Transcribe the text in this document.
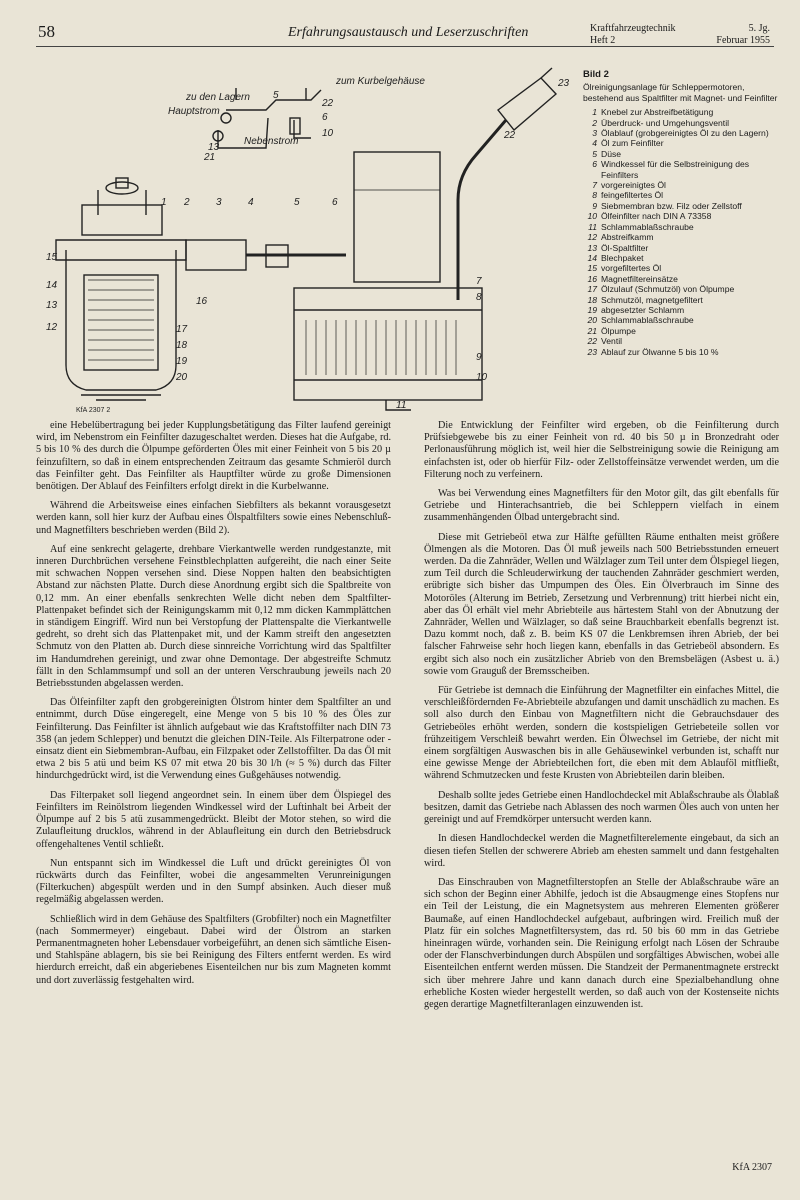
58	Erfahrungsaustausch und Leserzuschriften	Kraftfahrzeugtechnik	5. Jg.
Heft 2	Februar 1955
zum Kurbelgehäuse
zu den Lagern
Hauptstrom
Nebenstrom
KfA 2307 2
5
22
6
10
13
21
1 2	3	4	5	6
7
8
9
10
11
12
13
14
15
16
17
18
19
20
22
23
Bild 2
Ölreinigungsanlage für Schleppermotoren, bestehend aus Spaltfilter mit Magnet- und Feinfilter
1 Knebel zur Abstreifbetätigung
2 Überdruck- und Umgehungsventil
3 Ölablauf (grobgereinigtes Öl zu den Lagern)
4 Öl zum Feinfilter
5 Düse
6 Windkessel für die Selbstreinigung des Feinfilters
7 vorgereinigtes Öl
8 feingefiltertes Öl
9 Siebmembran bzw. Filz oder Zellstoff
10 Ölfeinfilter nach DIN A 73358
11 Schlammablaßschraube
12 Abstreifkamm
13 Öl-Spaltfilter
14 Blechpaket
15 vorgefiltertes Öl
16 Magnetfiltereinsätze
17 Ölzulauf (Schmutzöl) von Ölpumpe
18 Schmutzöl, magnetgefiltert
19 abgesetzter Schlamm
20 Schlammablaßschraube
21 Ölpumpe
22 Ventil
23 Ablauf zur Ölwanne 5 bis 10 %

eine Hebelübertragung bei jeder Kupplungsbetätigung das Filter laufend gereinigt wird, im Nebenstrom ein Feinfilter dazugeschaltet werden. Dieses hat die Aufgabe, rd. 5 bis 10 % des durch die Ölpumpe geförderten Öles mit einer Feinheit von 5 bis 20 µ feinzufiltern, so daß in einem entsprechenden Zeitraum das gesamte Schmieröl durch das Feinfilter geht. Das Feinfilter als Hauptfilter würde zu große Dimensionen benötigen. Der Ablauf des Feinfilters erfolgt direkt in die Kurbelwanne.

Während die Arbeitsweise eines einfachen Siebfilters als bekannt vorausgesetzt werden kann, soll hier kurz der Aufbau eines Ölspaltfilters sowie eines Nebenschluß- und Magnetfilters beschrieben werden (Bild 2).

Auf eine senkrecht gelagerte, drehbare Vierkantwelle werden rundgestanzte, mit inneren Durchbrüchen versehene Feinstblechplatten aufgereiht, die nach einer Seite mit schwachen Noppen versehen sind. Diese Noppen halten den beabsichtigten Abstand zur nächsten Platte. Durch diese Anordnung ergibt sich die Spaltbreite von 0,12 mm. An einer ebenfalls senkrechten Welle dicht neben dem Spaltfilter-Plattenpaket befindet sich der Reinigungskamm mit 0,12 mm dicken Kammplättchen in ständigem Eingriff. Wird nun bei Verstopfung der Plattenspalte die Vierkantwelle gedreht, so dreht sich das Plattenpaket mit, und der Kamm streift den angesetzten Schmutz von den Platten ab. Durch diese sinnreiche Vorrichtung wird das Spaltfilter im Handumdrehen gereinigt, und zwar ohne Demontage. Der abgestreifte Schmutz fällt in den Schlammsumpf und soll an der unteren Verschraubung jeweils nach 20 Betriebsstunden abgelassen werden.

Das Ölfeinfilter zapft den grobgereinigten Ölstrom hinter dem Spaltfilter an und entnimmt, durch Düse eingeregelt, eine Menge von 5 bis 10 % des Öles zur Feinfilterung. Das Feinfilter ist ähnlich aufgebaut wie das Kraftstoffilter nach DIN 73 358 (an jedem Schlepper) und benutzt die gleichen DIN-Teile. Als Filterpatrone oder -einsatz dient ein Siebmembran-Aufbau, ein Filzpaket oder Zellstoffilter. Da das Öl mit etwa 2 bis 5 atü und beim KS 07 mit etwa 20 bis 30 l/h (≈ 5 %) durch das Filter hindurchgedrückt wird, ist die Verwendung eines Gußgehäuses notwendig.

Das Filterpaket soll liegend angeordnet sein. In einem über dem Ölspiegel des Feinfilters im Reinölstrom liegenden Windkessel wird der Luftinhalt bei Arbeit der Ölpumpe auf 2 bis 5 atü zusammengedrückt. Bleibt der Motor stehen, so wird die Zulaufleitung drucklos, während in der Ablaufleitung ein durch den Betriebsdruck offengehaltenes Ventil schließt.

Nun entspannt sich im Windkessel die Luft und drückt gereinigtes Öl von rückwärts durch das Feinfilter, wobei die angesammelten Verunreinigungen (Filterkuchen) abgespült werden und in den Sumpf absinken. Auch dieser muß regelmäßig abgelassen werden.

Schließlich wird in dem Gehäuse des Spaltfilters (Grobfilter) noch ein Magnetfilter (nach Sommermeyer) eingebaut. Dabei wird der Ölstrom an starken Permanentmagneten hoher Lebensdauer vorbeigeführt, an denen sich sämtliche Eisen- und Stahlspäne ablagern, bis sie bei Reinigung des Filters entfernt werden. Es wird hierdurch erreicht, daß ein abgeriebenes Eisenteilchen nur bis zum Magneten kommt und dort zuverlässig festgehalten wird.

Die Entwicklung der Feinfilter wird ergeben, ob die Feinfilterung durch Prüfsiebgewebe bis zu einer Feinheit von rd. 40 bis 50 µ in Bronzedraht oder Perlonausführung möglich ist, weil hier die Selbstreinigung sowie die Reinigung am einfachsten ist, oder ob hierfür Filz- oder Zellstoffeinsätze verwendet werden, um die Filterung noch zu verfeinern.

Was bei Verwendung eines Magnetfilters für den Motor gilt, das gilt ebenfalls für Getriebe und Hinterachsantrieb, die bei Schleppern vielfach in einem zusammenhängenden Ölbad untergebracht sind.

Diese mit Getriebeöl etwa zur Hälfte gefüllten Räume enthalten meist größere Ölmengen als die Motoren. Das Öl muß jeweils nach 500 Betriebsstunden erneuert werden. Da die Zahnräder, Wellen und Wälzlager zum Teil unter dem Ölspiegel liegen, zum Teil durch die Schleuderwirkung der tauchenden Zahnräder geschmiert werden, erübrigte sich bisher das Umpumpen des Öles. Ein Ölverbrauch im Sinne des Motoröles (Alterung im Betrieb, Zersetzung und Verbrennung) tritt hierbei nicht ein, aber das Öl erhält viel mehr Abriebteile aus härtestem Stahl von der Abnutzung der Zahnräder, Wellen und Wälzlager, so daß seine Brauchbarkeit ebenfalls begrenzt ist. Dazu kommt noch, daß z. B. beim KS 07 die Lenkbremsen ihren Abrieb, der bei falscher Fahrweise sehr hoch liegen kann, ebenfalls in das Getriebeöl absondern. Es ergibt sich also noch ein zusätzlicher Abrieb von den Bremsbelägen (Asbest u. ä.) sowie vom Grauguß der Bremsscheiben.

Für Getriebe ist demnach die Einführung der Magnetfilter ein einfaches Mittel, die verschleißfördernden Fe-Abriebteile abzufangen und damit unschädlich zu machen. Es soll also durch den Einbau von Magnetfiltern nicht die Gebrauchsdauer des Getriebeöles erhöht werden, sondern die kostspieligen Getriebeteile sollen vor frühzeitigem Verschleiß bewahrt werden. Ein Ölwechsel im Getriebe, der nicht mit einem sorgfältigen Auswaschen bis in alle Gehäusewinkel verbunden ist, schafft nur eine gewisse Menge der Abriebteilchen fort, die eben mit dem Ablauföl mitfließt, während Schmutzecken und feste Krusten von Abriebteilen darin bleiben.

Deshalb sollte jedes Getriebe einen Handlochdeckel mit Ablaßschraube als Ölablaß besitzen, damit das Getriebe nach Ablassen des noch warmen Öles auch von unten her gereinigt und auf Fremdkörper untersucht werden kann.

In diesen Handlochdeckel werden die Magnetfilterelemente eingebaut, da sich an diesen tiefen Stellen der schwerere Abrieb am ehesten sammelt und dann festgehalten wird.

Das Einschrauben von Magnetfilterstopfen an Stelle der Ablaßschraube wäre an sich schon der Beginn einer Abhilfe, jedoch ist die Absaugmenge eines Stopfens nur ein Teil der Leistung, die ein Magnetsystem aus mehreren Elementen größerer Baumaße, auf einen Handlochdeckel aufgebaut, aufbringen wird. Freilich muß der Platz für ein solches Magnetfiltersystem, das rd. 50 bis 60 mm in das Getriebe hineinragen würde, vorhanden sein. Die Reinigung erfolgt nach Lösen der Schraube oder der Flanschverbindungen durch Abspülen und sorgfältiges Abwischen, wobei alle Eisenteilchen entfernt werden müssen. Die Standzeit der Permanentmagnete erstreckt sich über mehrere Jahre und kann danach durch eine Spezialbehandlung ohne erhebliche Kosten wieder hergestellt werden, so daß auch von der Kostenseite nichts gegen derartige Magnetfilteranlagen einzuwenden ist.

KfA 2307
